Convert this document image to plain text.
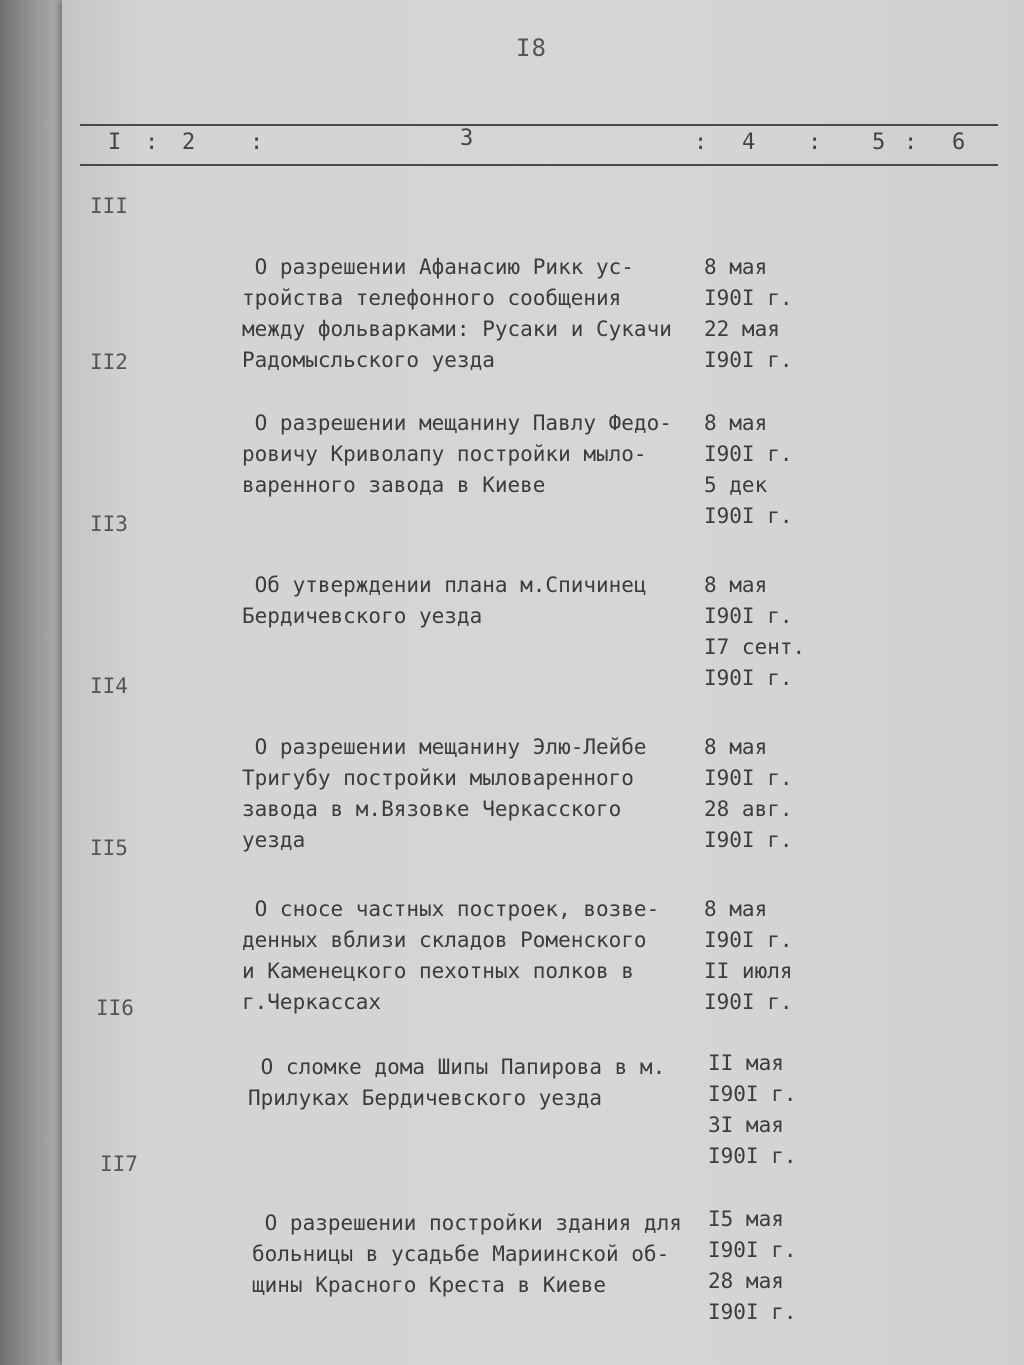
I8
I : 2 :	3	: 4 : 5 : 6
III

О разрешении Афанасию Рикк ус-
тройства телефонного сообщения
между фольварками: Русаки и Сукачи
Радомысльского уезда

8 мая
I90I г.
22 мая
I90I г.

II2

О разрешении мещанину Павлу Федо-
ровичу Криволапу постройки мыло-
варенного завода в Киеве

8 мая
I90I г.
5 дек
I90I г.

II3

Об утверждении плана м.Спичинец
Бердичевского уезда

8 мая
I90I г.
I7 сент.
I90I г.

II4

О разрешении мещанину Элю-Лейбе
Тригубу постройки мыловаренного
завода в м.Вязовке Черкасского
уезда

8 мая
I90I г.
28 авг.
I90I г.

II5

О сносе частных построек, возве-
денных вблизи складов Роменского
и Каменецкого пехотных полков в
г.Черкассах

8 мая
I90I г.
II июля
I90I г.

II6

О сломке дома Шипы Папирова в м.
Прилуках Бердичевского уезда

II мая
I90I г.
3I мая
I90I г.

II7

О разрешении постройки здания для
больницы в усадьбе Мариинской об-
щины Красного Креста в Киеве

I5 мая
I90I г.
28 мая
I90I г.
